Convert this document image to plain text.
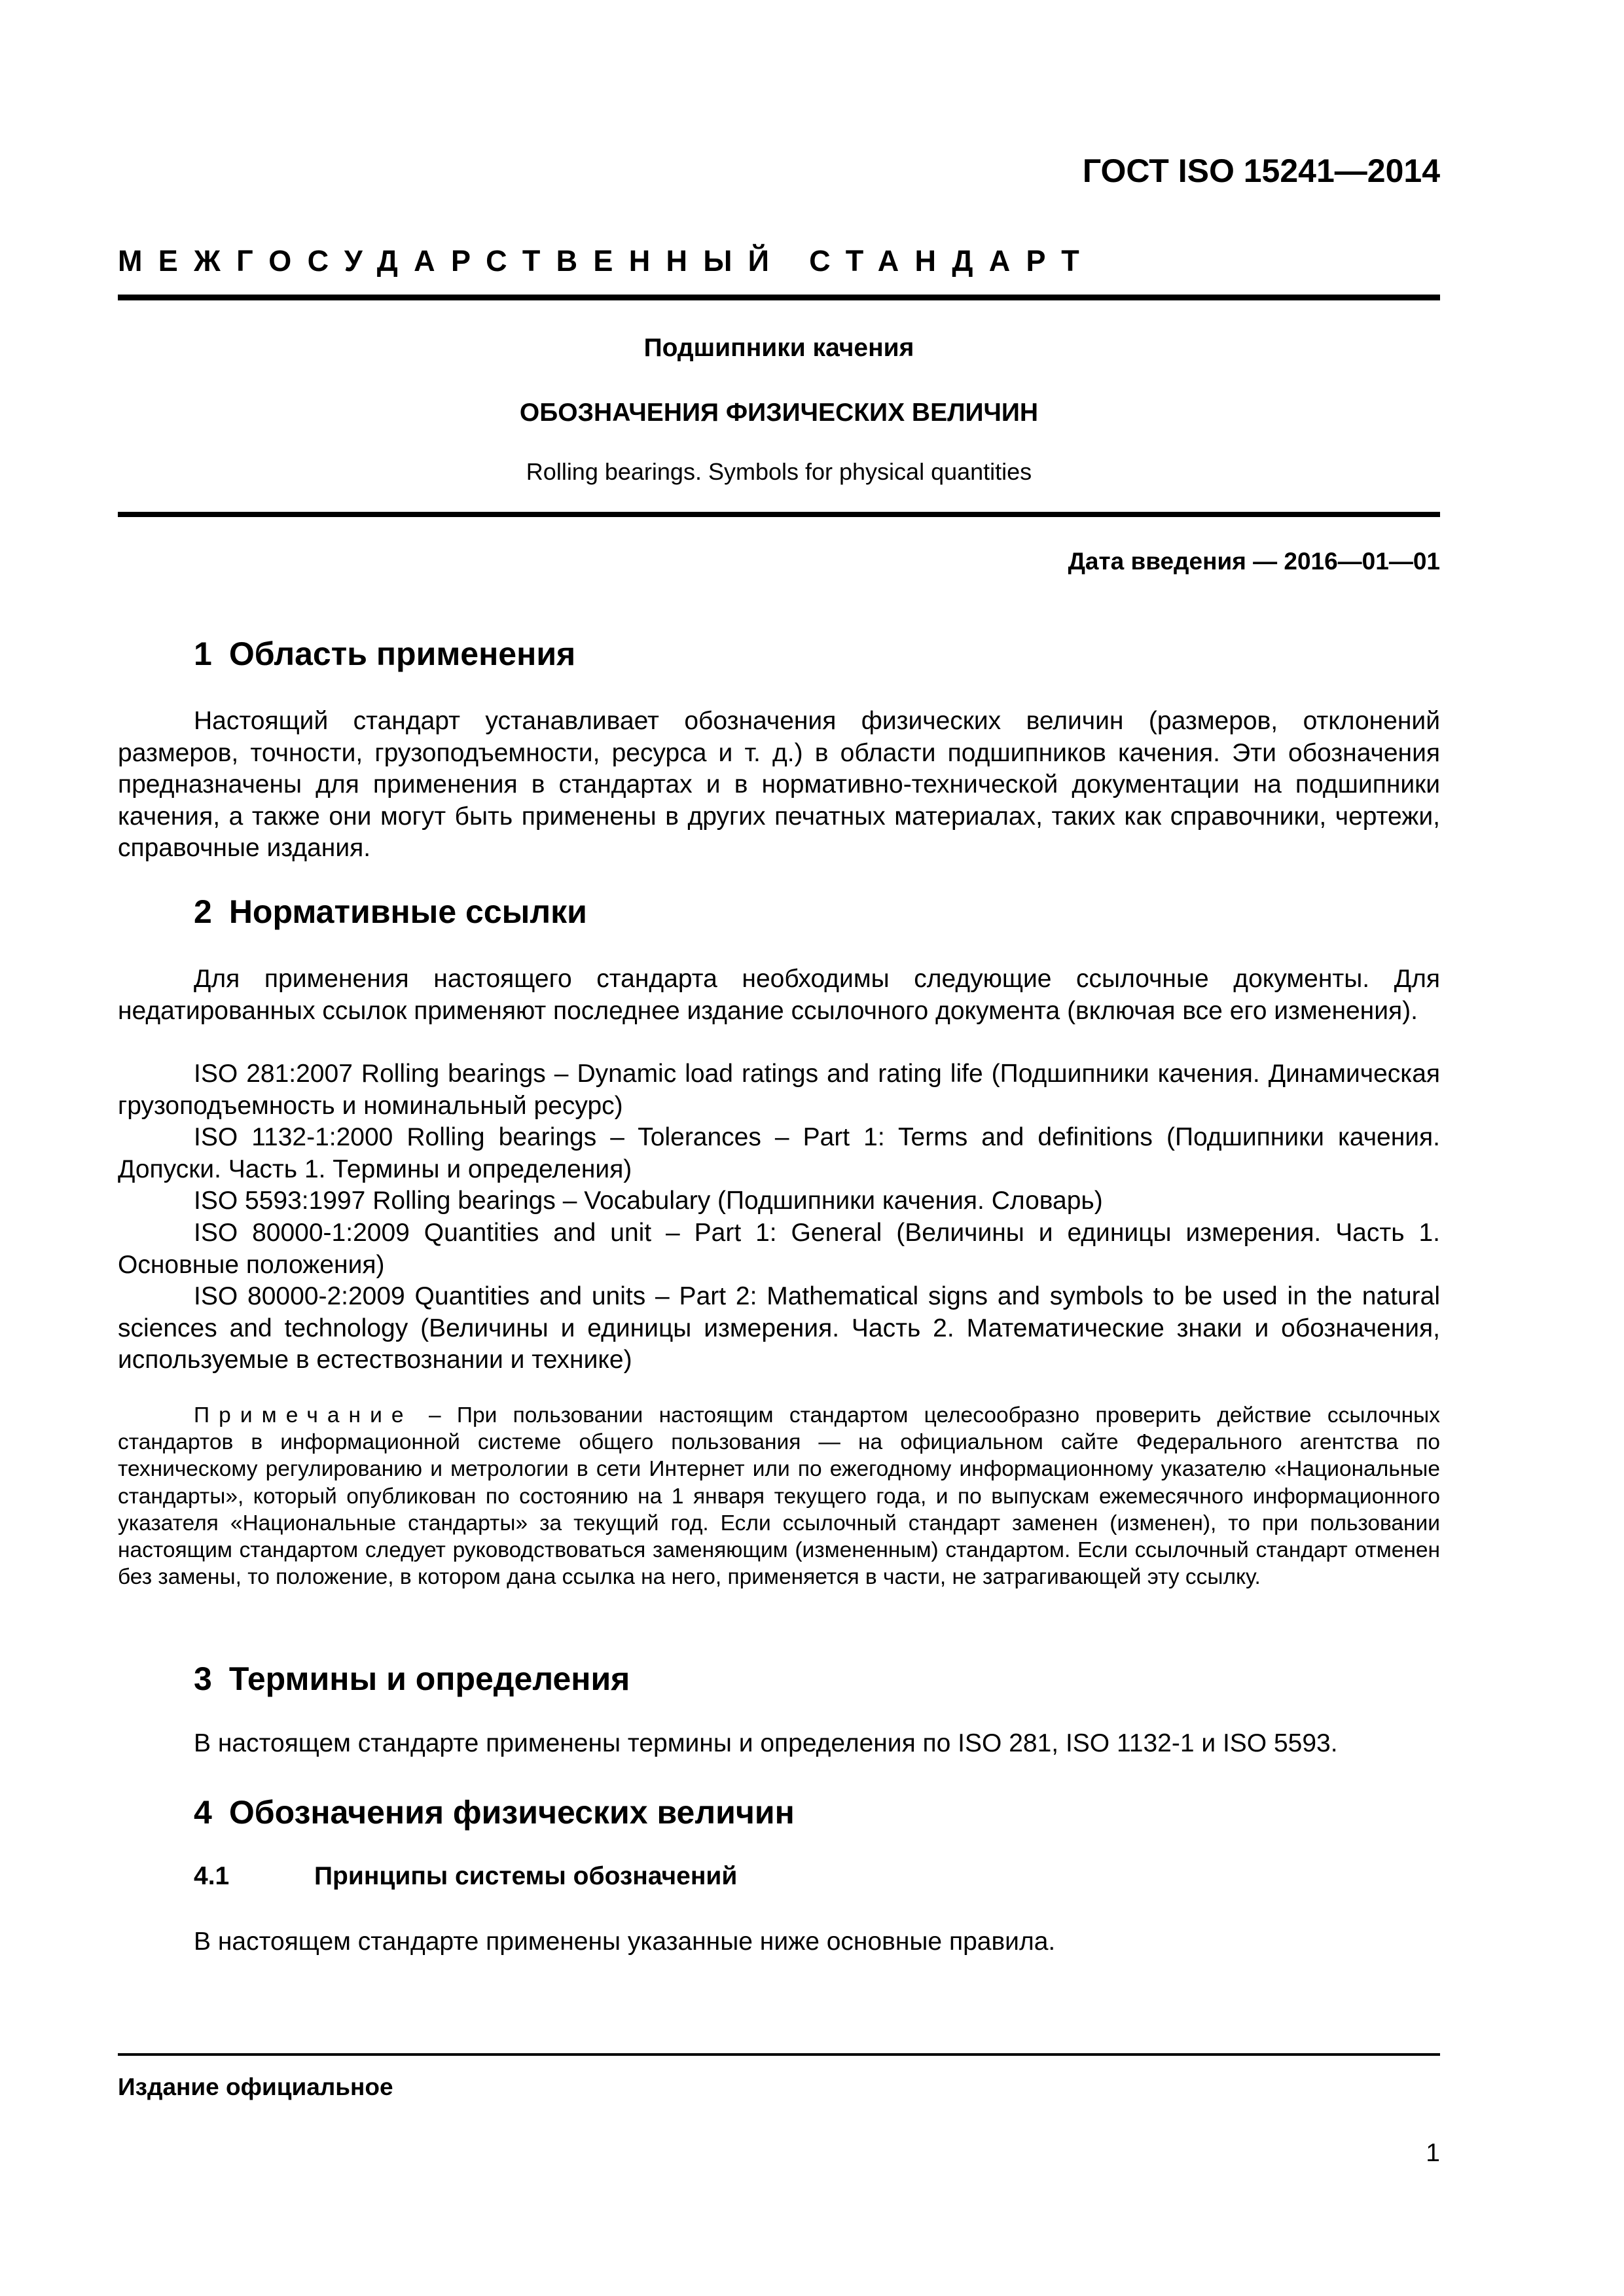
ГОСТ ISO 15241—2014
МЕЖГОСУДАРСТВЕННЫЙ СТАНДАРТ
Подшипники качения
ОБОЗНАЧЕНИЯ ФИЗИЧЕСКИХ ВЕЛИЧИН
Rolling bearings. Symbols for physical quantities
Дата введения — 2016—01—01
1 Область применения
Настоящий стандарт устанавливает обозначения физических величин (размеров, отклонений размеров, точности, грузоподъемности, ресурса и т. д.) в области подшипников качения. Эти обозначения предназначены для применения в стандартах и в нормативно-технической документации на подшипники качения, а также они могут быть применены в других печатных материалах, таких как справочники, чертежи, справочные издания.
2 Нормативные ссылки
Для применения настоящего стандарта необходимы следующие ссылочные документы. Для недатированных ссылок применяют последнее издание ссылочного документа (включая все его изменения).
ISO 281:2007 Rolling bearings – Dynamic load ratings and rating life (Подшипники качения. Динамическая грузоподъемность и номинальный ресурс)
ISO 1132-1:2000 Rolling bearings – Tolerances – Part 1: Terms and definitions (Подшипники качения. Допуски. Часть 1. Термины и определения)
ISO 5593:1997 Rolling bearings – Vocabulary (Подшипники качения. Словарь)
ISO 80000-1:2009 Quantities and unit – Part 1: General (Величины и единицы измерения. Часть 1. Основные положения)
ISO 80000-2:2009 Quantities and units – Part 2: Mathematical signs and symbols to be used in the natural sciences and technology (Величины и единицы измерения. Часть 2. Математические знаки и обозначения, используемые в естествознании и технике)
Примечание – При пользовании настоящим стандартом целесообразно проверить действие ссылочных стандартов в информационной системе общего пользования — на официальном сайте Федерального агентства по техническому регулированию и метрологии в сети Интернет или по ежегодному информационному указателю «Национальные стандарты», который опубликован по состоянию на 1 января текущего года, и по выпускам ежемесячного информационного указателя «Национальные стандарты» за текущий год. Если ссылочный стандарт заменен (изменен), то при пользовании настоящим стандартом следует руководствоваться заменяющим (измененным) стандартом. Если ссылочный стандарт отменен без замены, то положение, в котором дана ссылка на него, применяется в части, не затрагивающей эту ссылку.
3 Термины и определения
В настоящем стандарте применены термины и определения по ISO 281, ISO 1132-1 и ISO 5593.
4 Обозначения физических величин
4.1	Принципы системы обозначений
В настоящем стандарте применены указанные ниже основные правила.
Издание официальное
1
